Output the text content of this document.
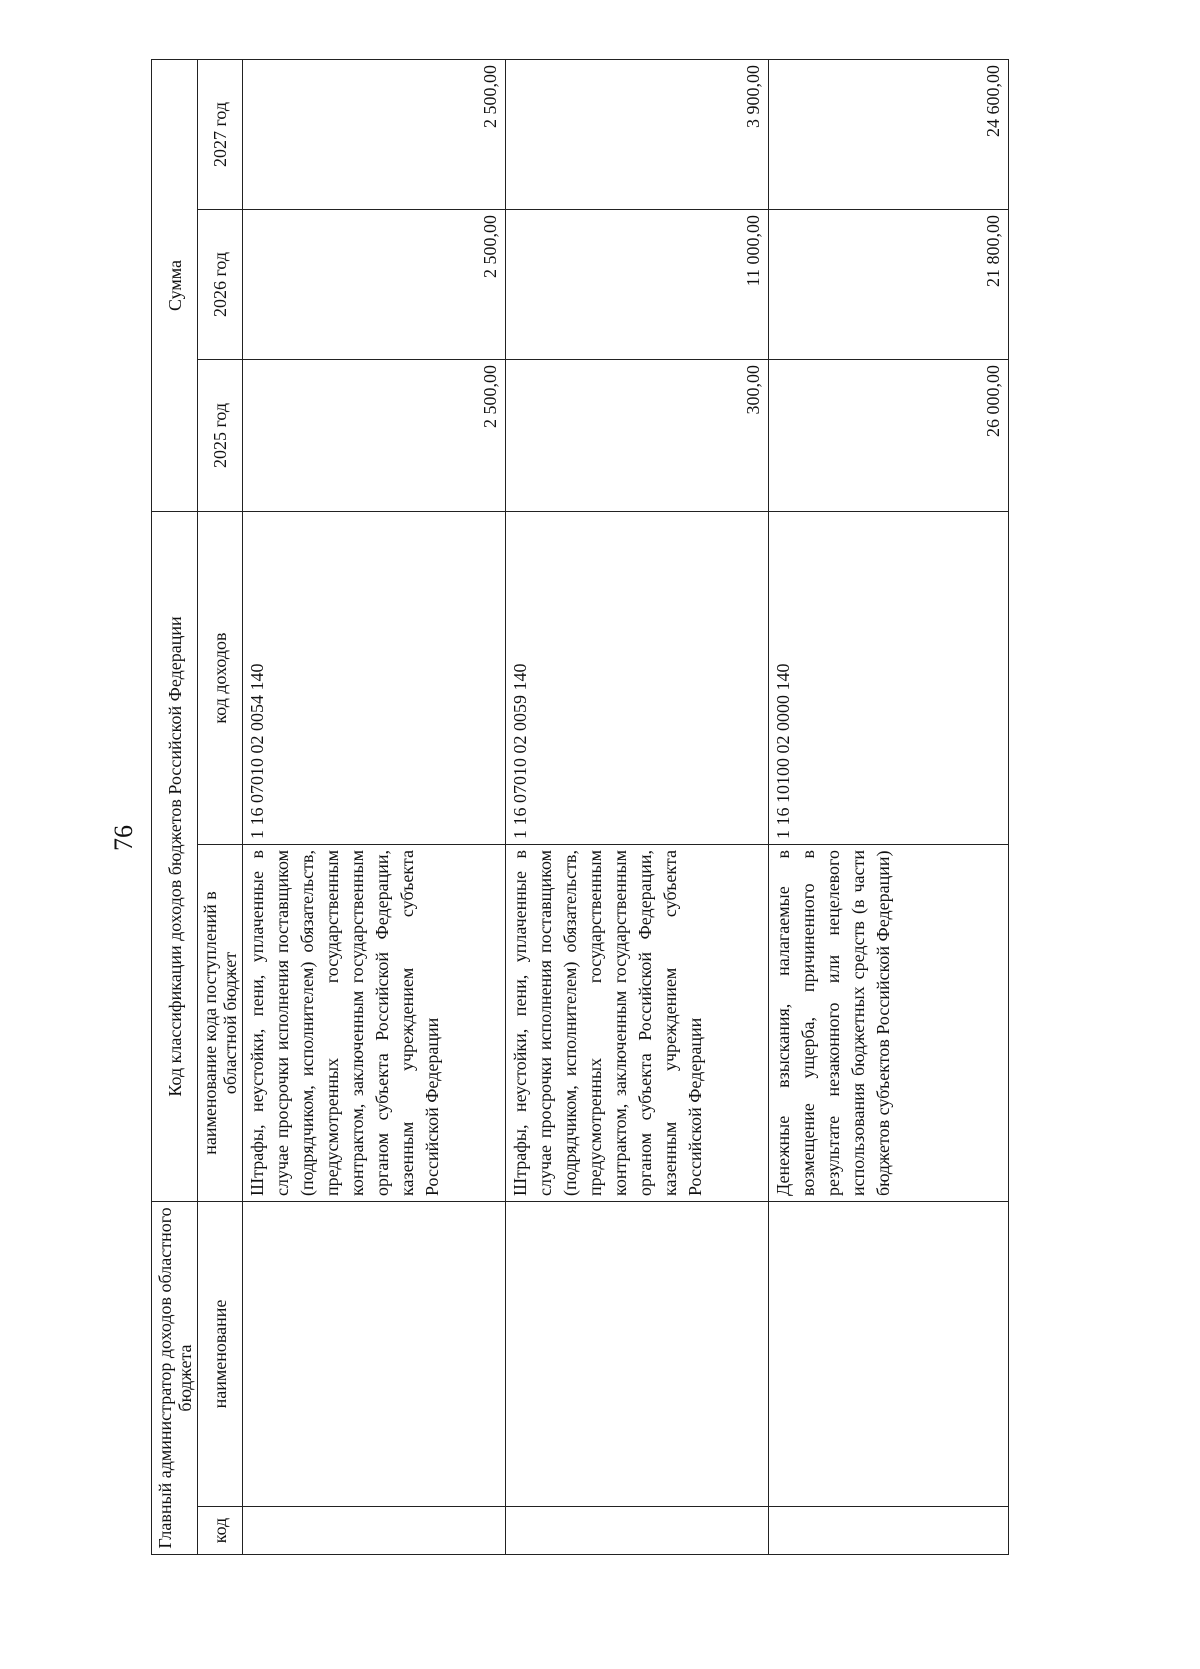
76
Главный администратор доходов областного бюджета		Код классификации доходов бюджетов Российской Федерации		Сумма		
код	наименование	наименование кода поступлений в областной бюджет	код доходов	2025 год	2026 год	2027 год
		Штрафы, неустойки, пени, уплаченные в случае просрочки исполнения поставщиком (подрядчиком, исполнителем) обязательств, предусмотренных государственным контрактом, заключенным государственным органом субъекта Российской Федерации, казенным учреждением субъекта Российской Федерации	1 16 07010 02 0054 140	2 500,00	2 500,00	2 500,00
		Штрафы, неустойки, пени, уплаченные в случае просрочки исполнения поставщиком (подрядчиком, исполнителем) обязательств, предусмотренных государственным контрактом, заключенным государственным органом субъекта Российской Федерации, казенным учреждением субъекта Российской Федерации	1 16 07010 02 0059 140	300,00	11 000,00	3 900,00
		Денежные взыскания, налагаемые в возмещение ущерба, причиненного в результате незаконного или нецелевого использования бюджетных средств (в части бюджетов субъектов Российской Федерации)	1 16 10100 02 0000 140	26 000,00	21 800,00	24 600,00
